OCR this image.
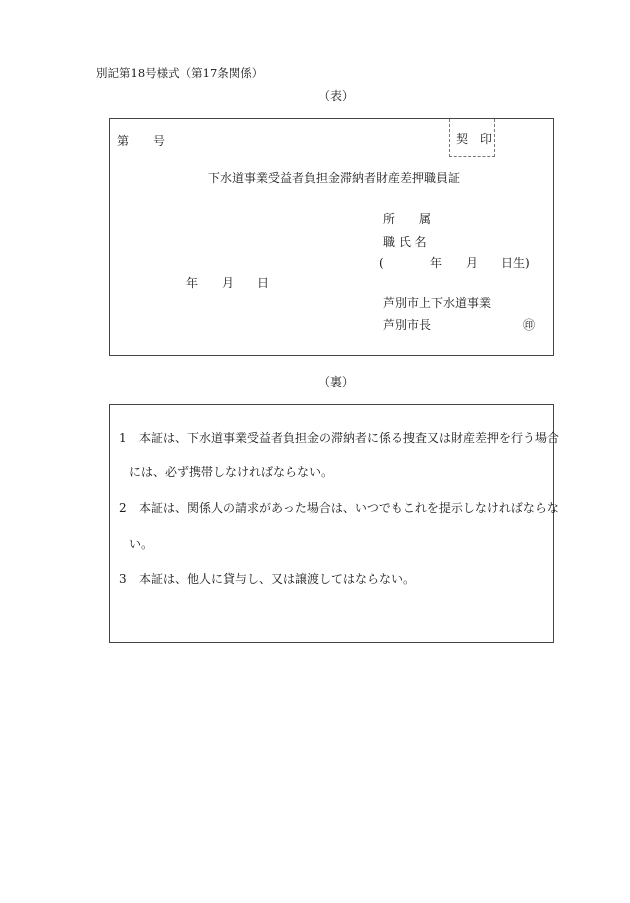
別記第18号様式（第17条関係）
（表）
第　　号	契　印
下水道事業受益者負担金滞納者財産差押職員証
所　　属
職 氏 名
(	年 月 日生)
年 月 日
芦別市上下水道事業
芦別市長	㊞
（裏）
1 本証は、下水道事業受益者負担金の滞納者に係る捜査又は財産差押を行う場合
には、必ず携帯しなければならない。
2 本証は、関係人の請求があった場合は、いつでもこれを提示しなければならな
い。
3 本証は、他人に貸与し、又は譲渡してはならない。
